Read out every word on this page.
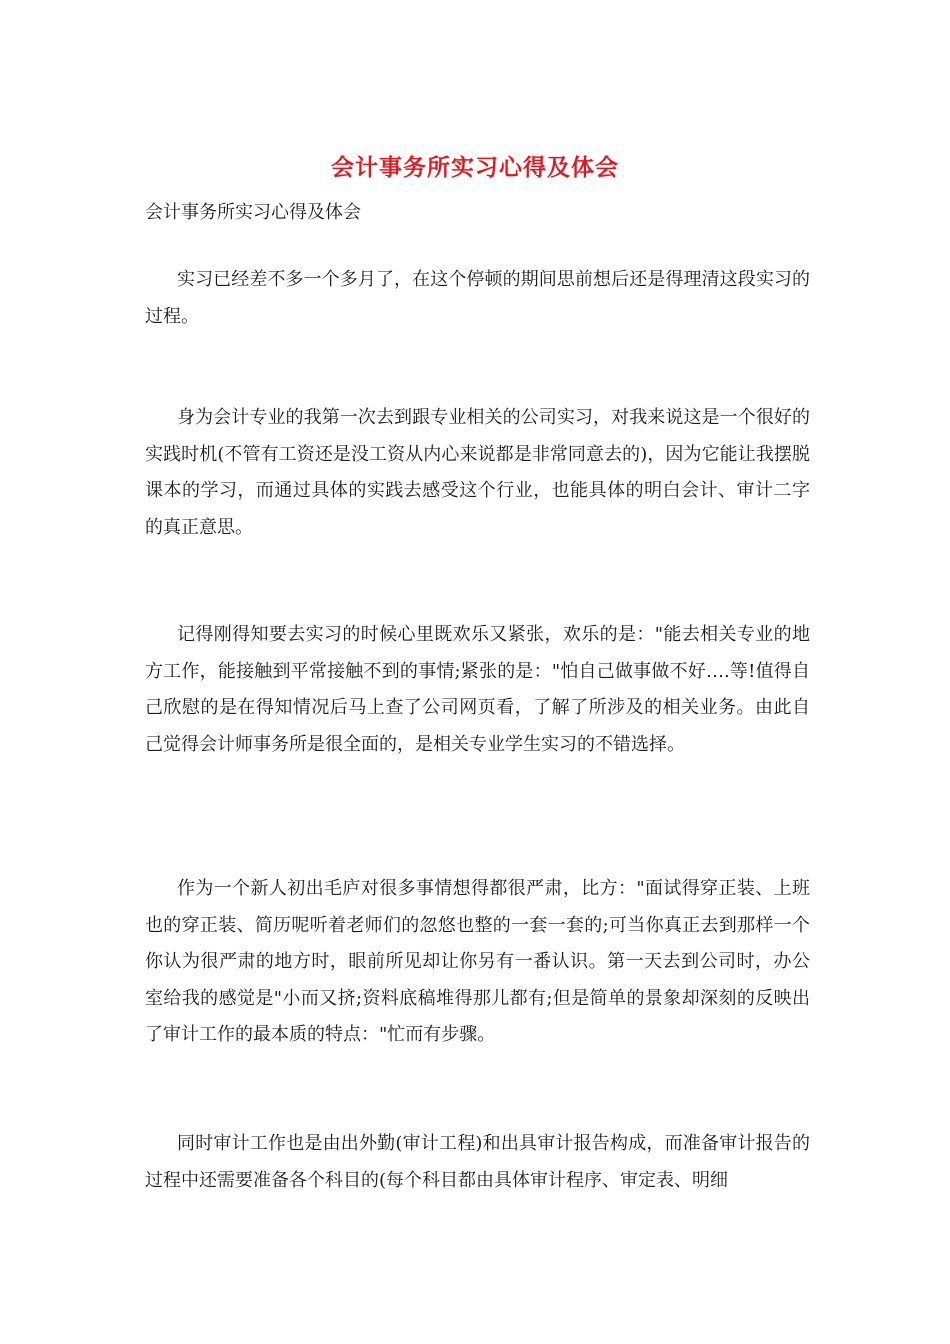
会计事务所实习心得及体会
会计事务所实习心得及体会

实习已经差不多一个多月了，在这个停顿的期间思前想后还是得理清这段实习的过程。

身为会计专业的我第一次去到跟专业相关的公司实习，对我来说这是一个很好的实践时机(不管有工资还是没工资从内心来说都是非常同意去的)，因为它能让我摆脱课本的学习，而通过具体的实践去感受这个行业，也能具体的明白会计、审计二字的真正意思。

记得刚得知要去实习的时候心里既欢乐又紧张，欢乐的是："能去相关专业的地方工作，能接触到平常接触不到的事情;紧张的是："怕自己做事做不好….等!值得自己欣慰的是在得知情况后马上查了公司网页看，了解了所涉及的相关业务。由此自己觉得会计师事务所是很全面的，是相关专业学生实习的不错选择。

作为一个新人初出毛庐对很多事情想得都很严肃，比方："面试得穿正装、上班也的穿正装、简历呢听着老师们的忽悠也整的一套一套的;可当你真正去到那样一个你认为很严肃的地方时，眼前所见却让你另有一番认识。第一天去到公司时，办公室给我的感觉是"小而又挤;资料底稿堆得那儿都有;但是简单的景象却深刻的反映出了审计工作的最本质的特点："忙而有步骤。

同时审计工作也是由出外勤(审计工程)和出具审计报告构成，而准备审计报告的过程中还需要准备各个科目的(每个科目都由具体审计程序、审定表、明细
